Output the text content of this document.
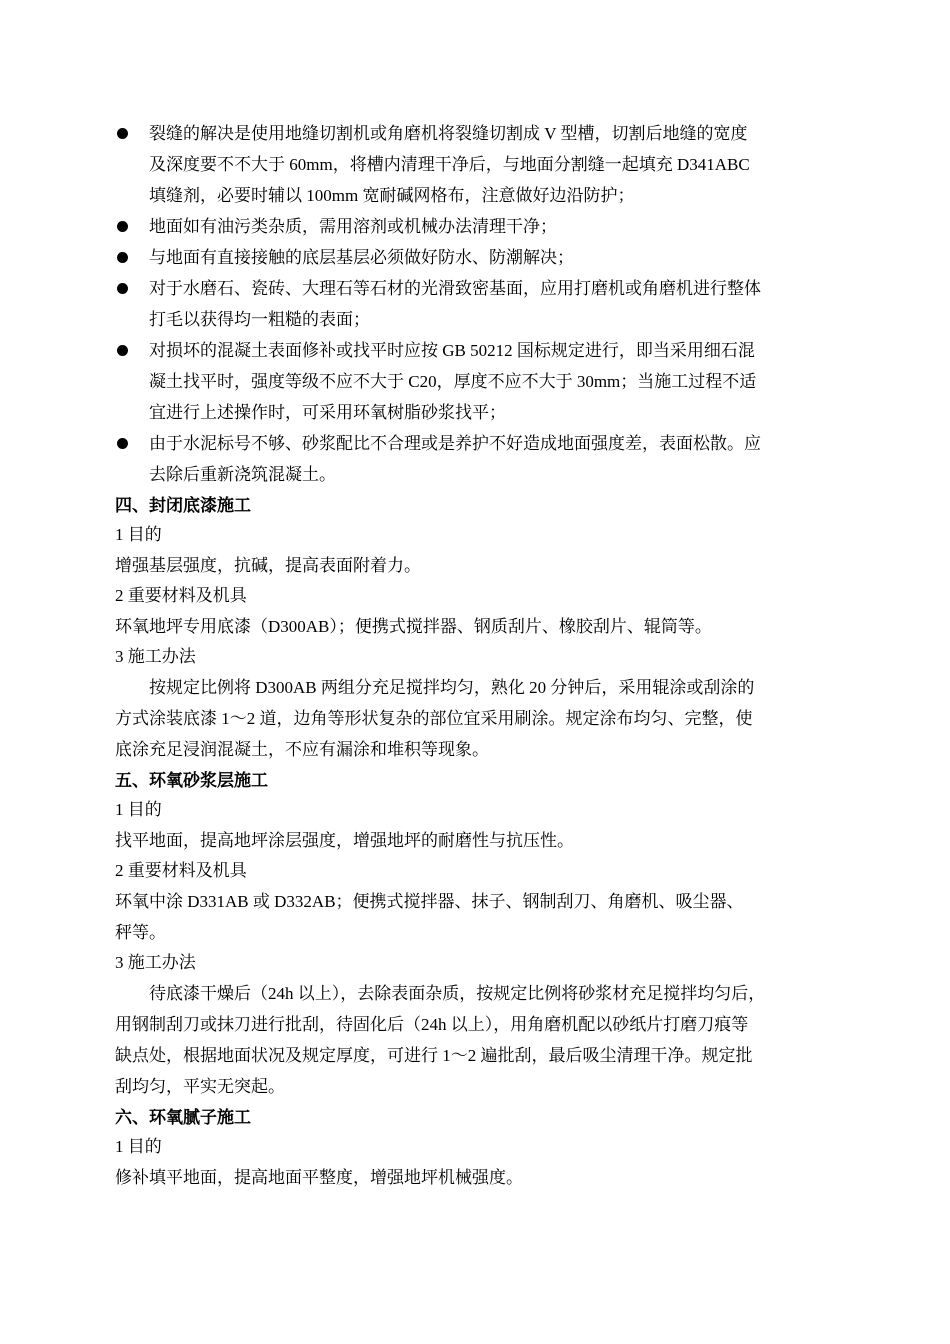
裂缝的解决是使用地缝切割机或角磨机将裂缝切割成 V 型槽，切割后地缝的宽度
及深度要不不大于 60mm，将槽内清理干净后，与地面分割缝一起填充 D341ABC
填缝剂，必要时辅以 100mm 宽耐碱网格布，注意做好边沿防护；
地面如有油污类杂质，需用溶剂或机械办法清理干净；
与地面有直接接触的底层基层必须做好防水、防潮解决；
对于水磨石、瓷砖、大理石等石材的光滑致密基面，应用打磨机或角磨机进行整体
打毛以获得均一粗糙的表面；
对损坏的混凝土表面修补或找平时应按 GB 50212 国标规定进行，即当采用细石混
凝土找平时，强度等级不应不大于 C20，厚度不应不大于 30mm；当施工过程不适
宜进行上述操作时，可采用环氧树脂砂浆找平；
由于水泥标号不够、砂浆配比不合理或是养护不好造成地面强度差，表面松散。应
去除后重新浇筑混凝土。
四、封闭底漆施工
1 目的
增强基层强度，抗碱，提高表面附着力。
2 重要材料及机具
环氧地坪专用底漆（D300AB）；便携式搅拌器、钢质刮片、橡胶刮片、辊筒等。
3 施工办法
按规定比例将 D300AB 两组分充足搅拌均匀，熟化 20 分钟后，采用辊涂或刮涂的
方式涂装底漆 1～2 道，边角等形状复杂的部位宜采用刷涂。规定涂布均匀、完整，使
底涂充足浸润混凝土，不应有漏涂和堆积等现象。
五、环氧砂浆层施工
1 目的
找平地面，提高地坪涂层强度，增强地坪的耐磨性与抗压性。
2 重要材料及机具
环氧中涂 D331AB 或 D332AB；便携式搅拌器、抹子、钢制刮刀、角磨机、吸尘器、
秤等。
3 施工办法
待底漆干燥后（24h 以上），去除表面杂质，按规定比例将砂浆材充足搅拌均匀后，
用钢制刮刀或抹刀进行批刮，待固化后（24h 以上），用角磨机配以砂纸片打磨刀痕等
缺点处，根据地面状况及规定厚度，可进行 1～2 遍批刮，最后吸尘清理干净。规定批
刮均匀，平实无突起。
六、环氧腻子施工
1 目的
修补填平地面，提高地面平整度，增强地坪机械强度。
